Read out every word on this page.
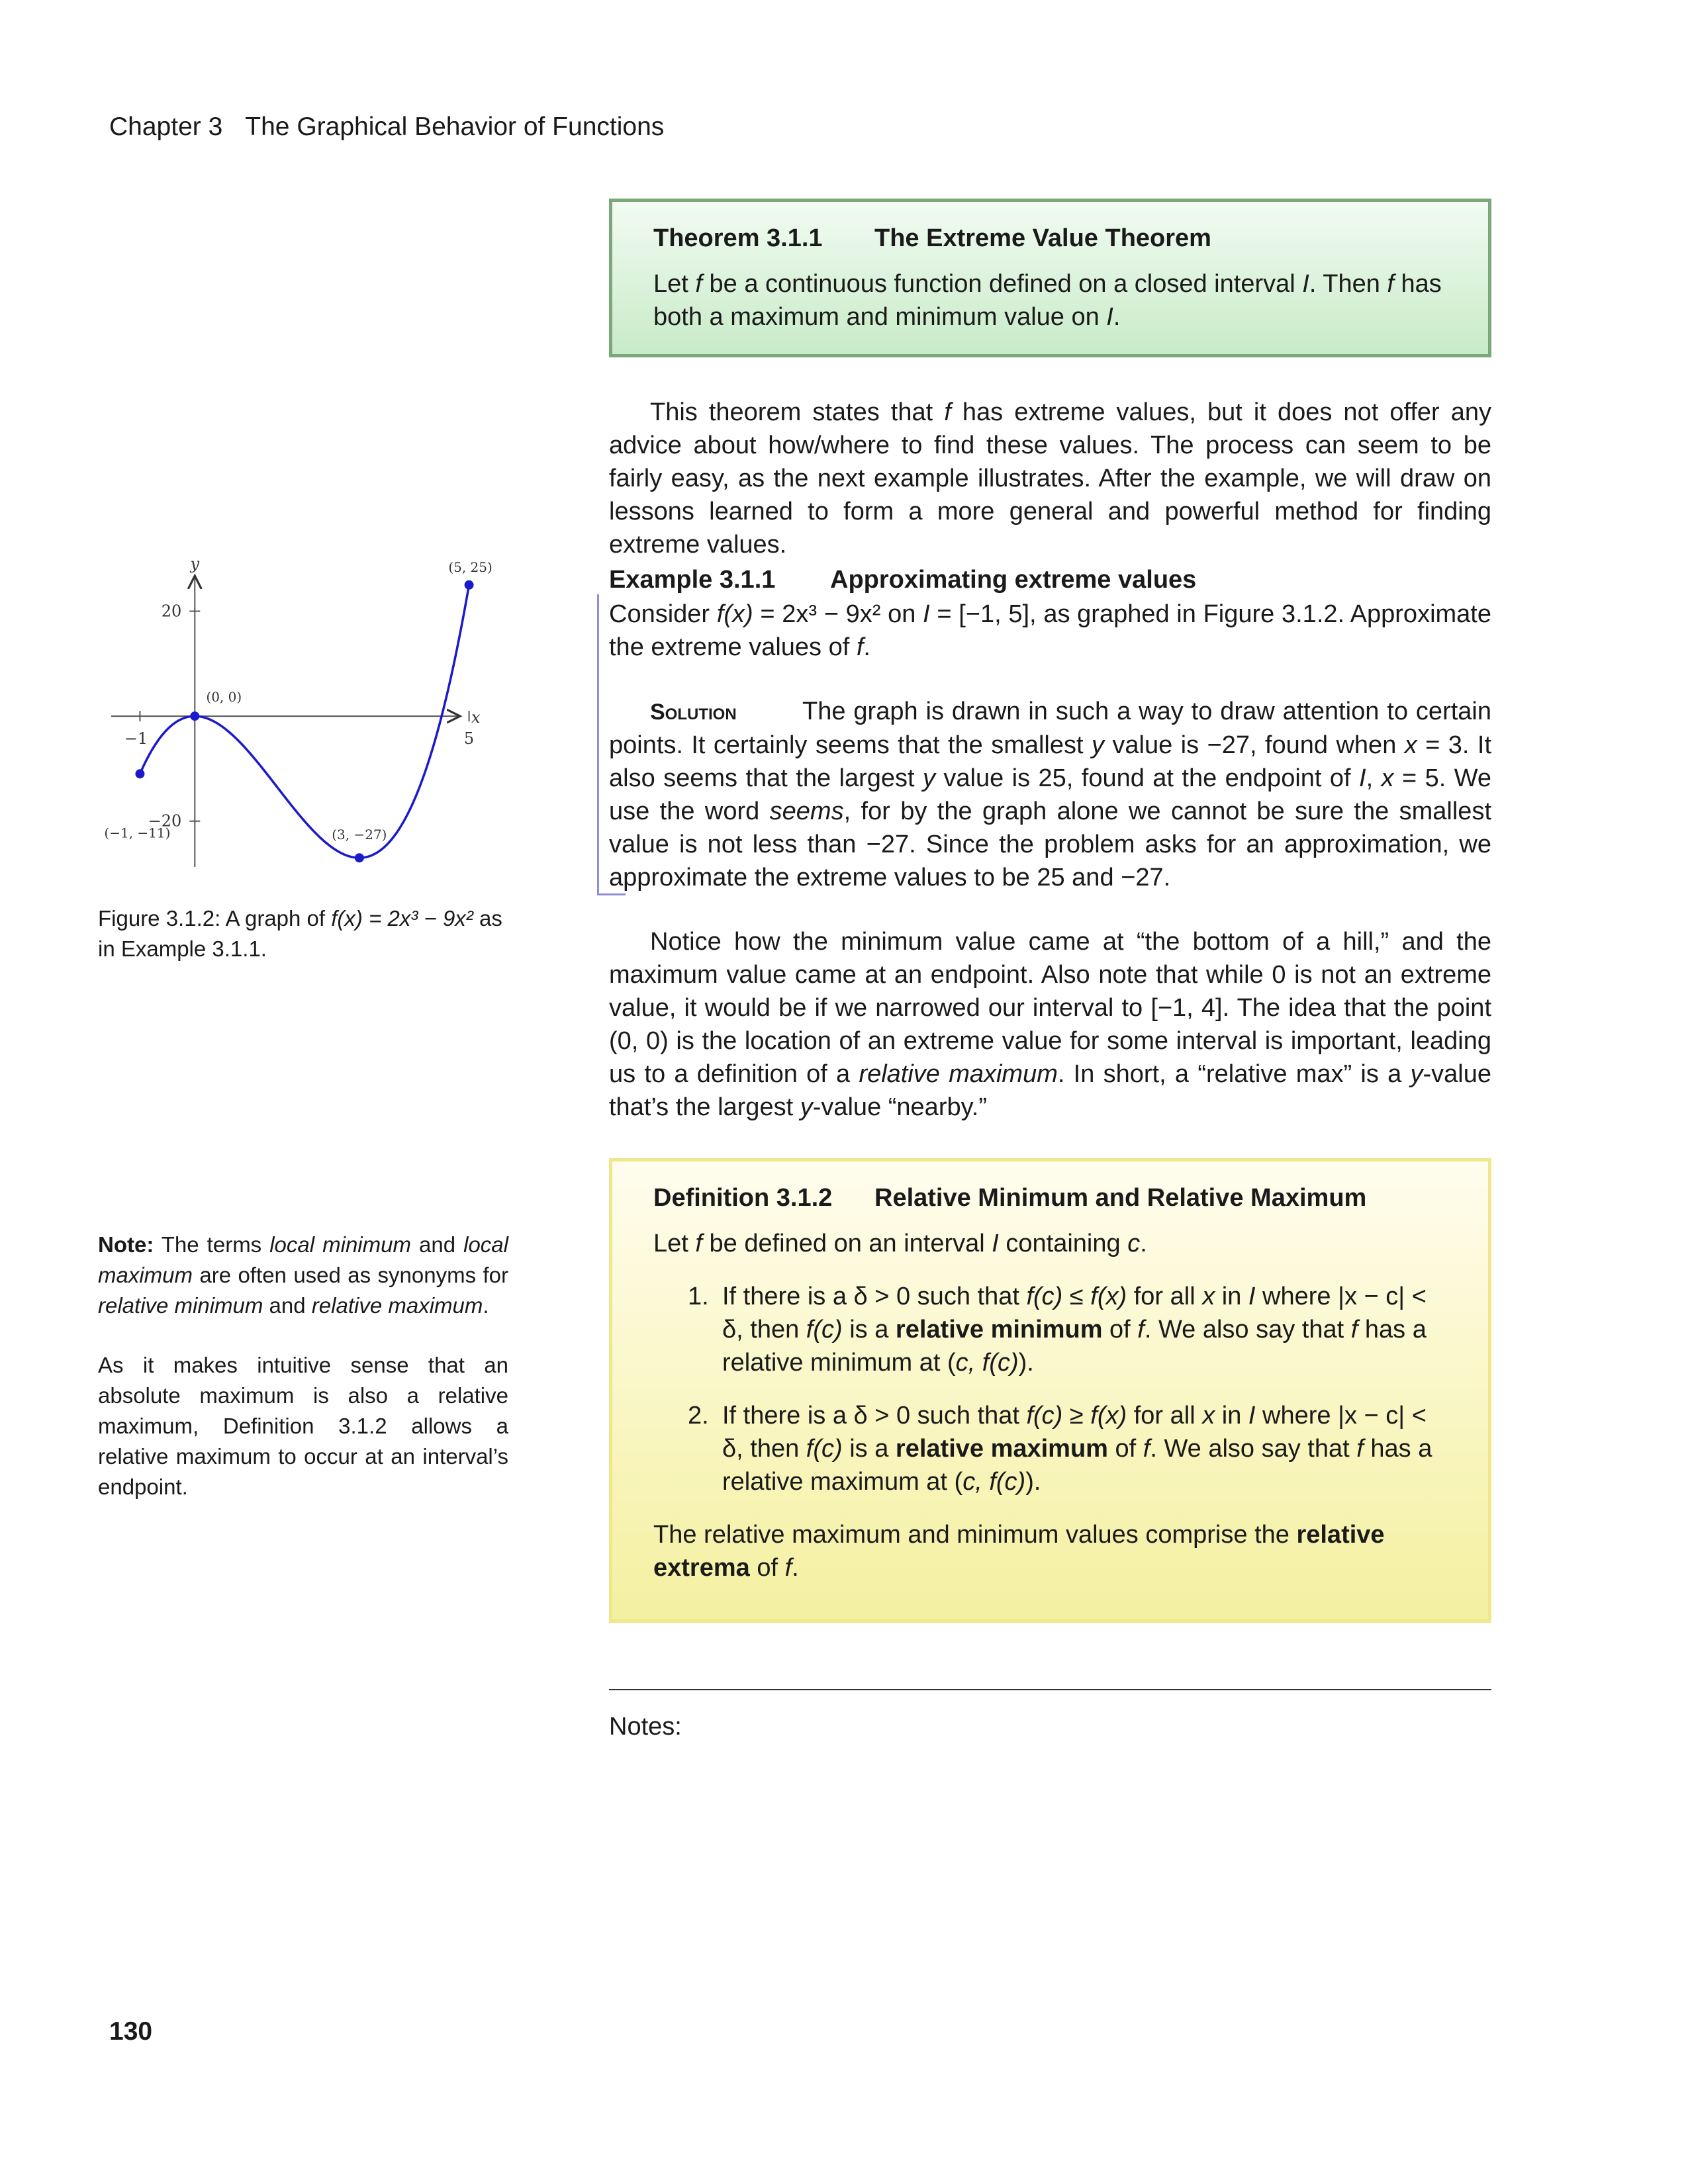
Chapter 3 The Graphical Behavior of Functions
Theorem 3.1.1 The Extreme Value Theorem
Let f be a continuous function defined on a closed interval I. Then f has both a maximum and minimum value on I.
This theorem states that f has extreme values, but it does not offer any advice about how/where to find these values. The process can seem to be fairly easy, as the next example illustrates. After the example, we will draw on lessons learned to form a more general and powerful method for finding extreme values.
Example 3.1.1 Approximating extreme values
Consider f(x) = 2x³ − 9x² on I = [−1, 5], as graphed in Figure 3.1.2. Approximate the extreme values of f.
Solution	The graph is drawn in such a way to draw attention to certain points. It certainly seems that the smallest y value is −27, found when x = 3. It also seems that the largest y value is 25, found at the endpoint of I, x = 5. We use the word seems, for by the graph alone we cannot be sure the smallest value is not less than −27. Since the problem asks for an approximation, we approximate the extreme values to be 25 and −27.
Notice how the minimum value came at “the bottom of a hill,” and the maximum value came at an endpoint. Also note that while 0 is not an extreme value, it would be if we narrowed our interval to [−1, 4]. The idea that the point (0, 0) is the location of an extreme value for some interval is important, leading us to a definition of a relative maximum. In short, a “relative max” is a y-value that’s the largest y-value “nearby.”
Definition 3.1.2 Relative Minimum and Relative Maximum
Let f be defined on an interval I containing c.
1. If there is a δ > 0 such that f(c) ≤ f(x) for all x in I where |x − c| < δ, then f(c) is a relative minimum of f. We also say that f has a relative minimum at (c, f(c)).
2. If there is a δ > 0 such that f(c) ≥ f(x) for all x in I where |x − c| < δ, then f(c) is a relative maximum of f. We also say that f has a relative maximum at (c, f(c)).
The relative maximum and minimum values comprise the relative extrema of f.
x
y
−1	5
20
−20
(−1, −11)
(0, 0)
(3, −27)
(5, 25)
Figure 3.1.2: A graph of f(x) = 2x³ − 9x² as in Example 3.1.1.

Note: The terms local minimum and local maximum are often used as synonyms for relative minimum and relative maximum.

As it makes intuitive sense that an absolute maximum is also a relative maximum, Definition 3.1.2 allows a relative maximum to occur at an interval’s endpoint.

Notes:
130
